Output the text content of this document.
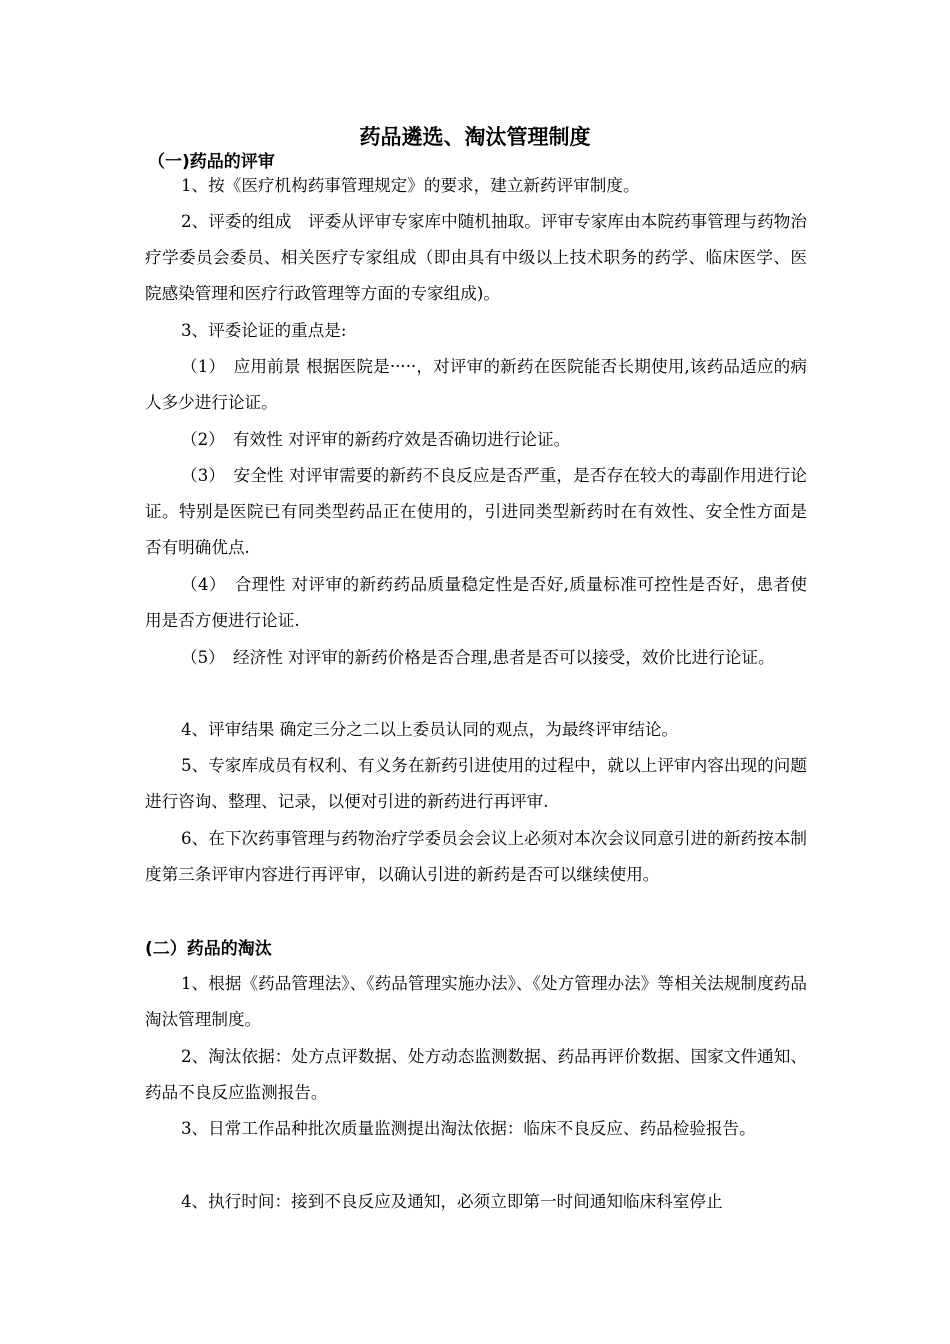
药品遴选、淘汰管理制度
（一)药品的评审

1、按《医疗机构药事管理规定》的要求，建立新药评审制度。

2、评委的组成　评委从评审专家库中随机抽取。评审专家库由本院药事管理与药物治疗学委员会委员、相关医疗专家组成（即由具有中级以上技术职务的药学、临床医学、医院感染管理和医疗行政管理等方面的专家组成)。

3、评委论证的重点是:

（1）　应用前景 根据医院是·····，对评审的新药在医院能否长期使用,该药品适应的病人多少进行论证。

（2）　有效性 对评审的新药疗效是否确切进行论证。

（3）　安全性 对评审需要的新药不良反应是否严重，是否存在较大的毒副作用进行论证。特别是医院已有同类型药品正在使用的，引进同类型新药时在有效性、安全性方面是否有明确优点.

（4）　合理性 对评审的新药药品质量稳定性是否好,质量标准可控性是否好，患者使用是否方便进行论证.

（5）　经济性 对评审的新药价格是否合理,患者是否可以接受，效价比进行论证。

4、评审结果 确定三分之二以上委员认同的观点，为最终评审结论。

5、专家库成员有权利、有义务在新药引进使用的过程中，就以上评审内容出现的问题进行咨询、整理、记录，以便对引进的新药进行再评审.

6、在下次药事管理与药物治疗学委员会会议上必须对本次会议同意引进的新药按本制度第三条评审内容进行再评审，以确认引进的新药是否可以继续使用。

(二）药品的淘汰

1、根据《药品管理法》、《药品管理实施办法》、《处方管理办法》等相关法规制度药品淘汰管理制度。

2、淘汰依据：处方点评数据、处方动态监测数据、药品再评价数据、国家文件通知、药品不良反应监测报告。

3、日常工作品种批次质量监测提出淘汰依据：临床不良反应、药品检验报告。

4、执行时间：接到不良反应及通知，必须立即第一时间通知临床科室停止
